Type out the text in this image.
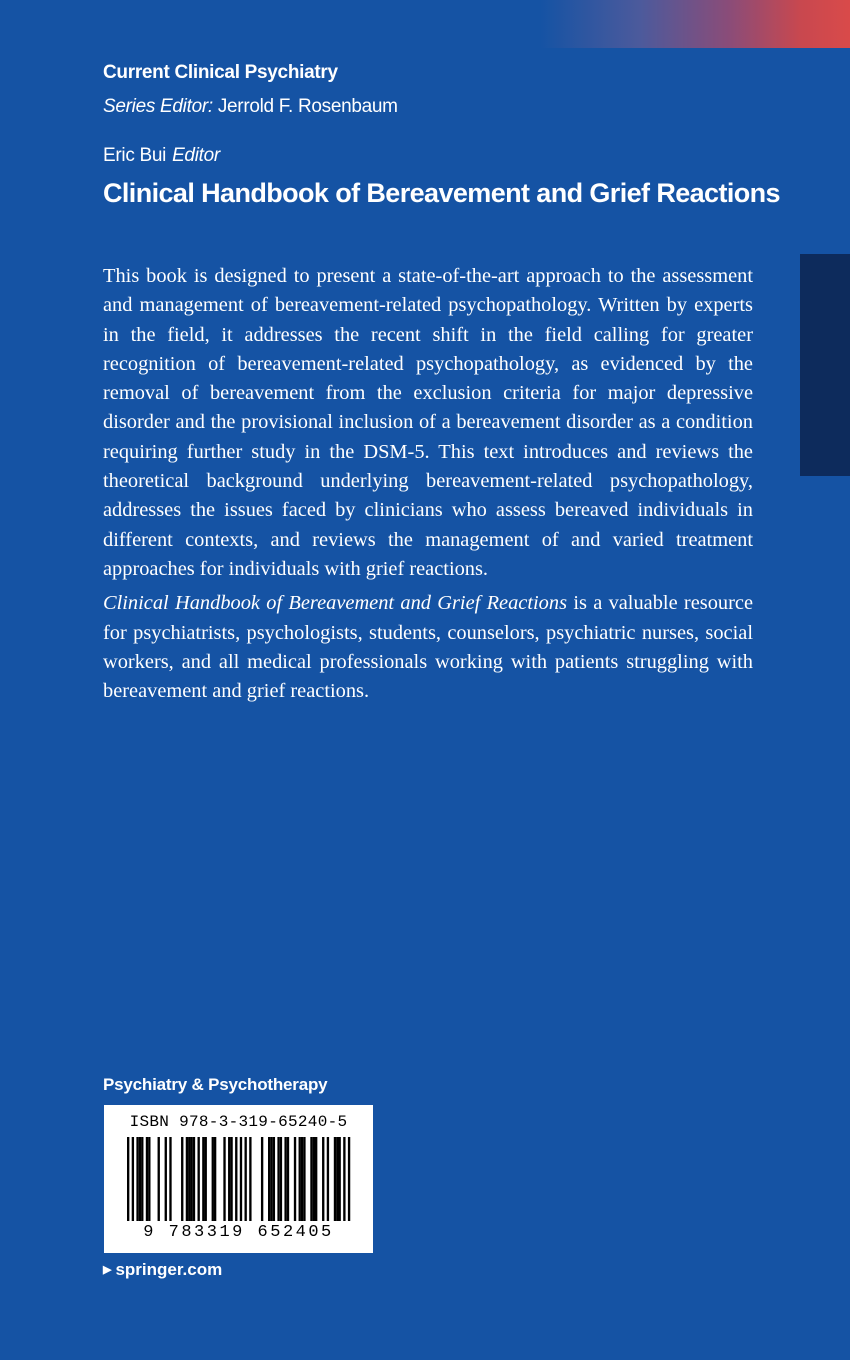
Current Clinical Psychiatry
Series Editor: Jerrold F. Rosenbaum
Eric Bui Editor
Clinical Handbook of Bereavement and Grief Reactions

This book is designed to present a state-of-the-art approach to the assessment and management of bereavement-related psychopathology. Written by experts in the field, it addresses the recent shift in the field calling for greater recognition of bereavement-related psychopathology, as evidenced by the removal of bereavement from the exclusion criteria for major depressive disorder and the provisional inclusion of a bereavement disorder as a condition requiring further study in the DSM-5. This text introduces and reviews the theoretical background underlying bereavement-related psychopathology, addresses the issues faced by clinicians who assess bereaved individuals in different contexts, and reviews the management of and varied treatment approaches for individuals with grief reactions.

Clinical Handbook of Bereavement and Grief Reactions is a valuable resource for psychiatrists, psychologists, students, counselors, psychiatric nurses, social workers, and all medical professionals working with patients struggling with bereavement and grief reactions.

Psychiatry & Psychotherapy
ISBN 978-3-319-65240-5
9 783319 652405
▶ springer.com
